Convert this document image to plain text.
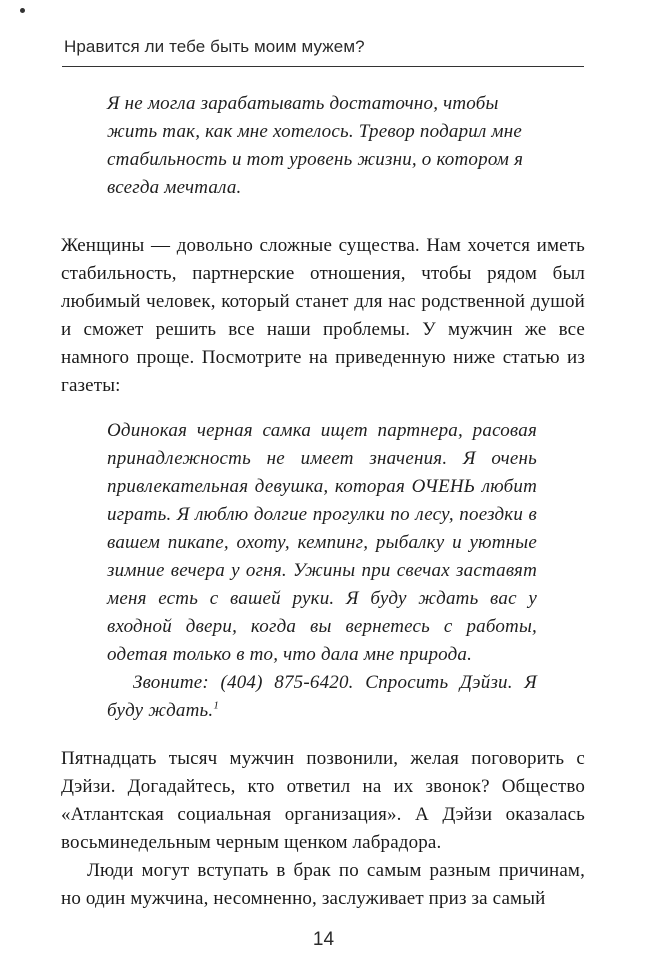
Нравится ли тебе быть моим мужем?

Я не могла зарабатывать достаточно, чтобы жить так, как мне хотелось. Тревор подарил мне стабильность и тот уровень жизни, о котором я всегда мечтала.

Женщины — довольно сложные существа. Нам хочется иметь стабильность, партнерские отношения, чтобы рядом был любимый человек, который станет для нас родственной душой и сможет решить все наши проблемы. У мужчин же все намного проще. Посмотрите на приведенную ниже статью из газеты:

Одинокая черная самка ищет партнера, расовая принадлежность не имеет значения. Я очень привлекательная девушка, которая ОЧЕНЬ любит играть. Я люблю долгие прогулки по лесу, поездки в вашем пикапе, охоту, кемпинг, рыбалку и уютные зимние вечера у огня. Ужины при свечах заставят меня есть с вашей руки. Я буду ждать вас у входной двери, когда вы вернетесь с работы, одетая только в то, что дала мне природа.

Звоните: (404) 875-6420. Спросить Дэйзи. Я буду ждать.$^1$

Пятнадцать тысяч мужчин позвонили, желая поговорить с Дэйзи. Догадайтесь, кто ответил на их звонок? Общество «Атлантская социальная организация». А Дэйзи оказалась восьминедельным черным щенком лабрадора.

Люди могут вступать в брак по самым разным причинам, но один мужчина, несомненно, заслуживает приз за самый

14
